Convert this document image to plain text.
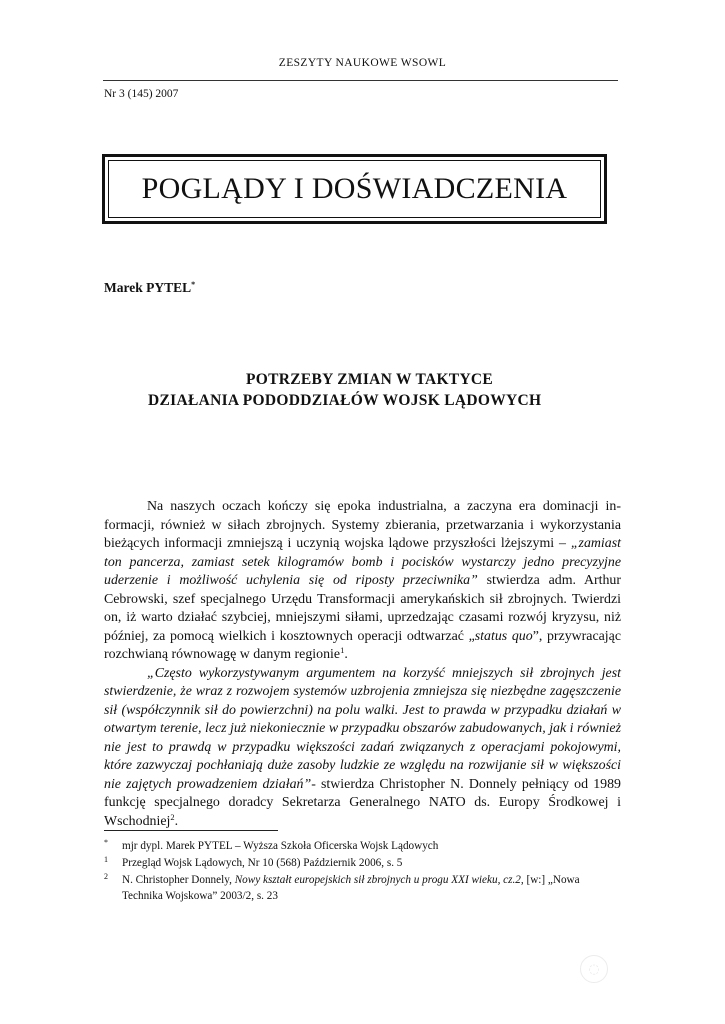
ZESZYTY NAUKOWE WSOWL
Nr 3 (145) 2007
POGLĄDY I DOŚWIADCZENIA
Marek PYTEL*
POTRZEBY ZMIAN W TAKTYCE
DZIAŁANIA PODODDZIAŁÓW WOJSK LĄDOWYCH

Na naszych oczach kończy się epoka industrialna, a zaczyna era dominacji informacji, również w siłach zbrojnych. Systemy zbierania, przetwarzania i wykorzystania bieżących informacji zmniejszą i uczynią wojska lądowe przyszłości lżejszymi – „zamiast ton pancerza, zamiast setek kilogramów bomb i pocisków wystarczy jedno precyzyjne uderzenie i możliwość uchylenia się od riposty przeciwnika” stwierdza adm. Arthur Cebrowski, szef specjalnego Urzędu Transformacji amerykańskich sił zbrojnych. Twierdzi on, iż warto działać szybciej, mniejszymi siłami, uprzedzając czasami rozwój kryzysu, niż później, za pomocą wielkich i kosztownych operacji odtwarzać „status quo”, przywracając rozchwianą równowagę w danym regionie$^1$.

„Często wykorzystywanym argumentem na korzyść mniejszych sił zbrojnych jest stwierdzenie, że wraz z rozwojem systemów uzbrojenia zmniejsza się niezbędne zagęszczenie sił (współczynnik sił do powierzchni) na polu walki. Jest to prawda w przypadku działań w otwartym terenie, lecz już niekoniecznie w przypadku obszarów zabudowanych, jak i również nie jest to prawdą w przypadku większości zadań związanych z operacjami pokojowymi, które zazwyczaj pochłaniają duże zasoby ludzkie ze względu na rozwijanie sił w większości nie zajętych prowadzeniem działań”- stwierdza Christopher N. Donnely pełniący od 1989 funkcję specjalnego doradcy Sekretarza Generalnego NATO ds. Europy Środkowej i Wschodniej$^2$.

* mjr dypl. Marek PYTEL – Wyższa Szkoła Oficerska Wojsk Lądowych
1 Przegląd Wojsk Lądowych, Nr 10 (568) Październik 2006, s. 5
2 N. Christopher Donnely, Nowy kształt europejskich sił zbrojnych u progu XXI wieku, cz.2, [w:] „Nowa Technika Wojskowa” 2003/2, s. 23
◌
